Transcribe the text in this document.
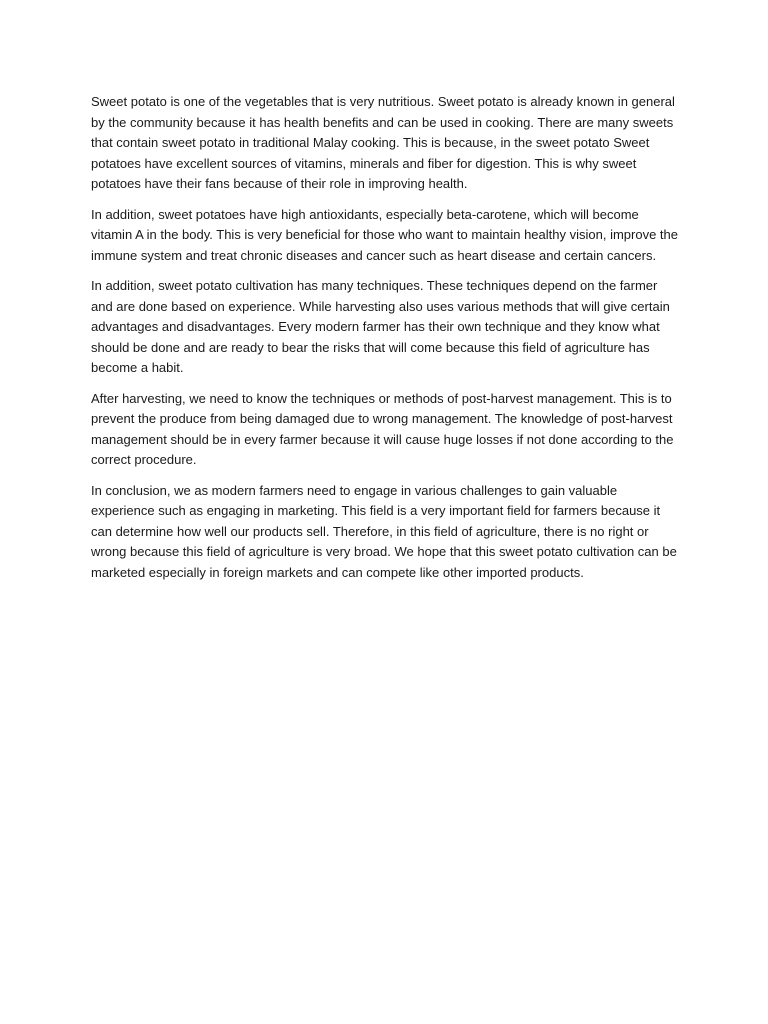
Sweet potato is one of the vegetables that is very nutritious. Sweet potato is already known in general by the community because it has health benefits and can be used in cooking. There are many sweets that contain sweet potato in traditional Malay cooking. This is because, in the sweet potato Sweet potatoes have excellent sources of vitamins, minerals and fiber for digestion. This is why sweet potatoes have their fans because of their role in improving health.

In addition, sweet potatoes have high antioxidants, especially beta-carotene, which will become vitamin A in the body. This is very beneficial for those who want to maintain healthy vision, improve the immune system and treat chronic diseases and cancer such as heart disease and certain cancers.

In addition, sweet potato cultivation has many techniques. These techniques depend on the farmer and are done based on experience. While harvesting also uses various methods that will give certain advantages and disadvantages. Every modern farmer has their own technique and they know what should be done and are ready to bear the risks that will come because this field of agriculture has become a habit.

After harvesting, we need to know the techniques or methods of post-harvest management. This is to prevent the produce from being damaged due to wrong management. The knowledge of post-harvest management should be in every farmer because it will cause huge losses if not done according to the correct procedure.

In conclusion, we as modern farmers need to engage in various challenges to gain valuable experience such as engaging in marketing. This field is a very important field for farmers because it can determine how well our products sell. Therefore, in this field of agriculture, there is no right or wrong because this field of agriculture is very broad. We hope that this sweet potato cultivation can be marketed especially in foreign markets and can compete like other imported products.
